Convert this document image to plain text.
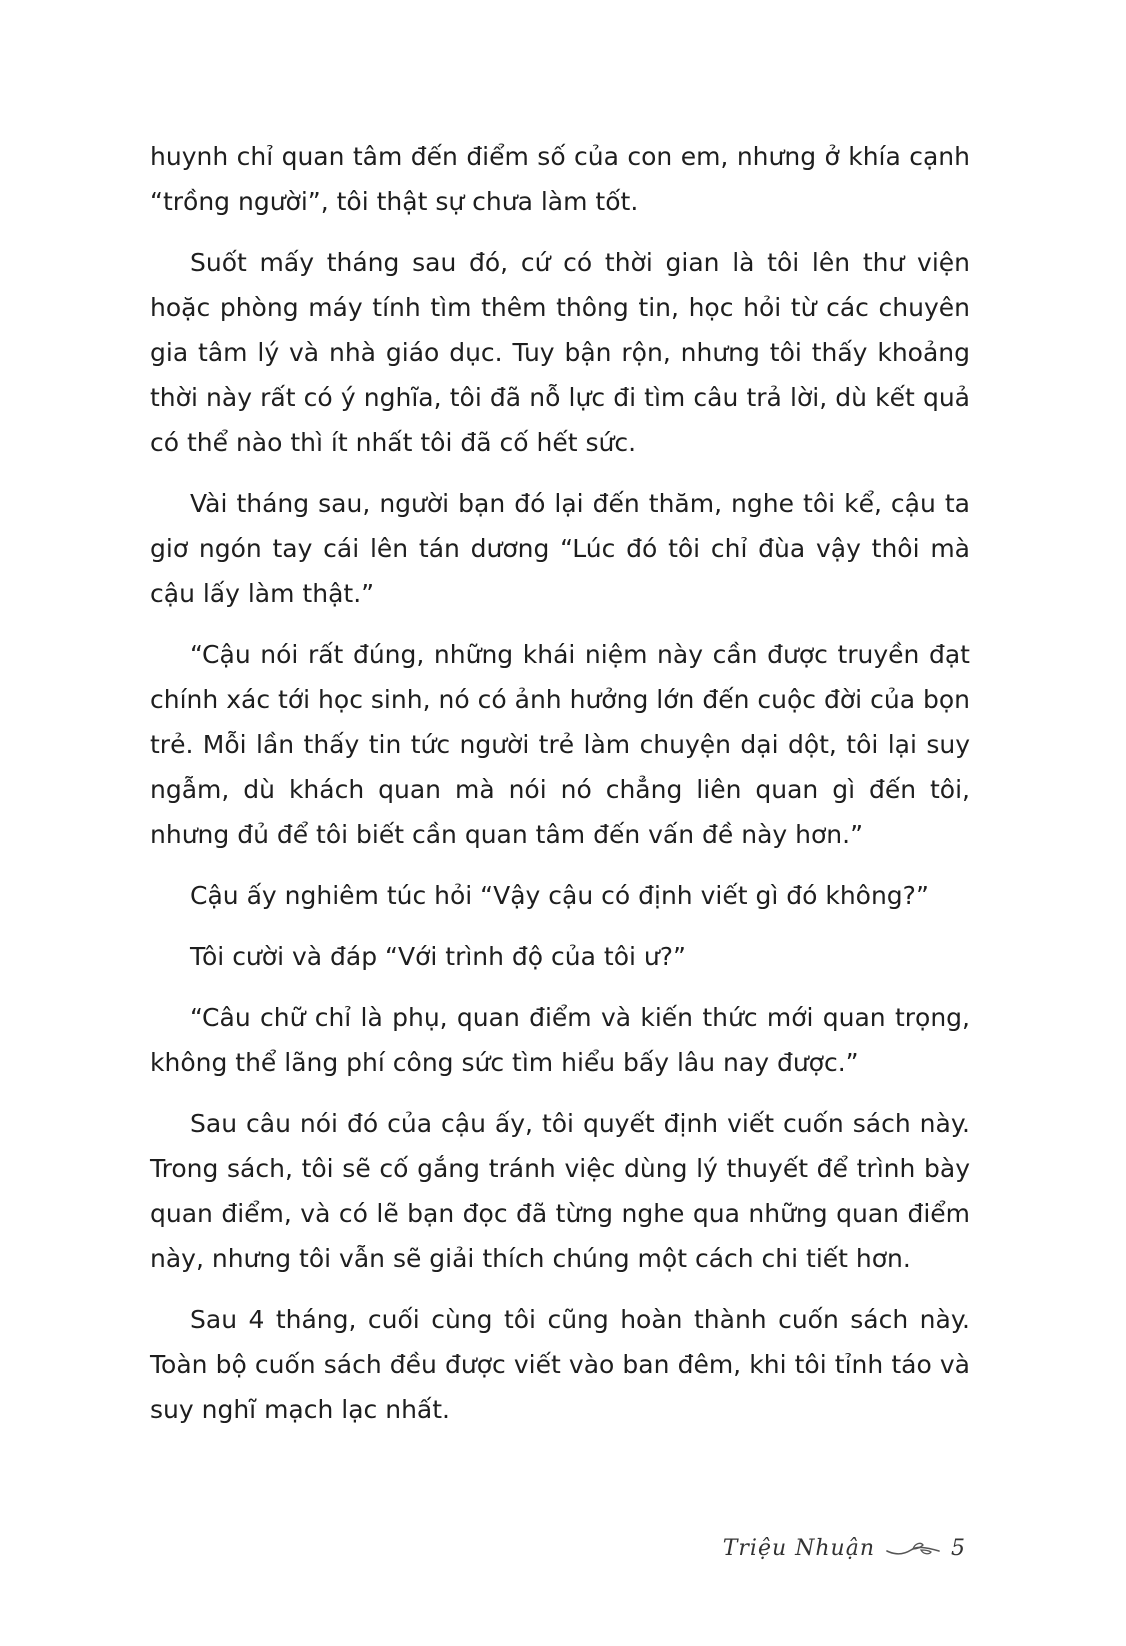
huynh chỉ quan tâm đến điểm số của con em, nhưng ở khía cạnh “trồng người”, tôi thật sự chưa làm tốt.

Suốt mấy tháng sau đó, cứ có thời gian là tôi lên thư viện hoặc phòng máy tính tìm thêm thông tin, học hỏi từ các chuyên gia tâm lý và nhà giáo dục. Tuy bận rộn, nhưng tôi thấy khoảng thời này rất có ý nghĩa, tôi đã nỗ lực đi tìm câu trả lời, dù kết quả có thể nào thì ít nhất tôi đã cố hết sức.

Vài tháng sau, người bạn đó lại đến thăm, nghe tôi kể, cậu ta giơ ngón tay cái lên tán dương “Lúc đó tôi chỉ đùa vậy thôi mà cậu lấy làm thật.”

“Cậu nói rất đúng, những khái niệm này cần được truyền đạt chính xác tới học sinh, nó có ảnh hưởng lớn đến cuộc đời của bọn trẻ. Mỗi lần thấy tin tức người trẻ làm chuyện dại dột, tôi lại suy ngẫm, dù khách quan mà nói nó chẳng liên quan gì đến tôi, nhưng đủ để tôi biết cần quan tâm đến vấn đề này hơn.”

Cậu ấy nghiêm túc hỏi “Vậy cậu có định viết gì đó không?”

Tôi cười và đáp “Với trình độ của tôi ư?”

“Câu chữ chỉ là phụ, quan điểm và kiến thức mới quan trọng, không thể lãng phí công sức tìm hiểu bấy lâu nay được.”

Sau câu nói đó của cậu ấy, tôi quyết định viết cuốn sách này. Trong sách, tôi sẽ cố gắng tránh việc dùng lý thuyết để trình bày quan điểm, và có lẽ bạn đọc đã từng nghe qua những quan điểm này, nhưng tôi vẫn sẽ giải thích chúng một cách chi tiết hơn.

Sau 4 tháng, cuối cùng tôi cũng hoàn thành cuốn sách này. Toàn bộ cuốn sách đều được viết vào ban đêm, khi tôi tỉnh táo và suy nghĩ mạch lạc nhất.

Triệu Nhuận	5
